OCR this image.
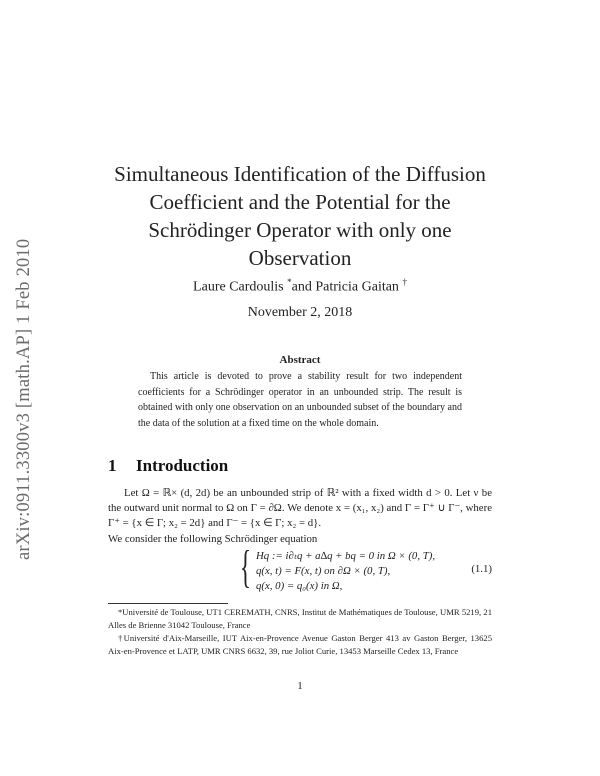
arXiv:0911.3300v3 [math.AP] 1 Feb 2010
Simultaneous Identification of the Diffusion
Coefficient and the Potential for the
Schrödinger Operator with only one
Observation
Laure Cardoulis *and Patricia Gaitan †
November 2, 2018
Abstract
This article is devoted to prove a stability result for two independent coefficients for a Schrödinger operator in an unbounded strip. The result is obtained with only one observation on an unbounded subset of the boundary and the data of the solution at a fixed time on the whole domain.
1 Introduction

Let Ω = ℝ× (d, 2d) be an unbounded strip of ℝ² with a fixed width d > 0. Let ν be the outward unit normal to Ω on Γ = ∂Ω. We denote x = (x₁, x₂) and Γ = Γ⁺ ∪ Γ⁻, where Γ⁺ = {x ∈ Γ; x₂ = 2d} and Γ⁻ = {x ∈ Γ; x₂ = d}.

We consider the following Schrödinger equation

{ Hq := i∂ₜq + a∆q + bq = 0 in Ω × (0, T),
q(x, t) = F(x, t) on ∂Ω × (0, T),
q(x, 0) = q₀(x) in Ω,
(1.1)

*Université de Toulouse, UT1 CEREMATH, CNRS, Institut de Mathématiques de Toulouse, UMR 5219, 21 Alles de Brienne 31042 Toulouse, France

†Université d'Aix-Marseille, IUT Aix-en-Provence Avenue Gaston Berger 413 av Gaston Berger, 13625 Aix-en-Provence et LATP, UMR CNRS 6632, 39, rue Joliot Curie, 13453 Marseille Cedex 13, France

1
